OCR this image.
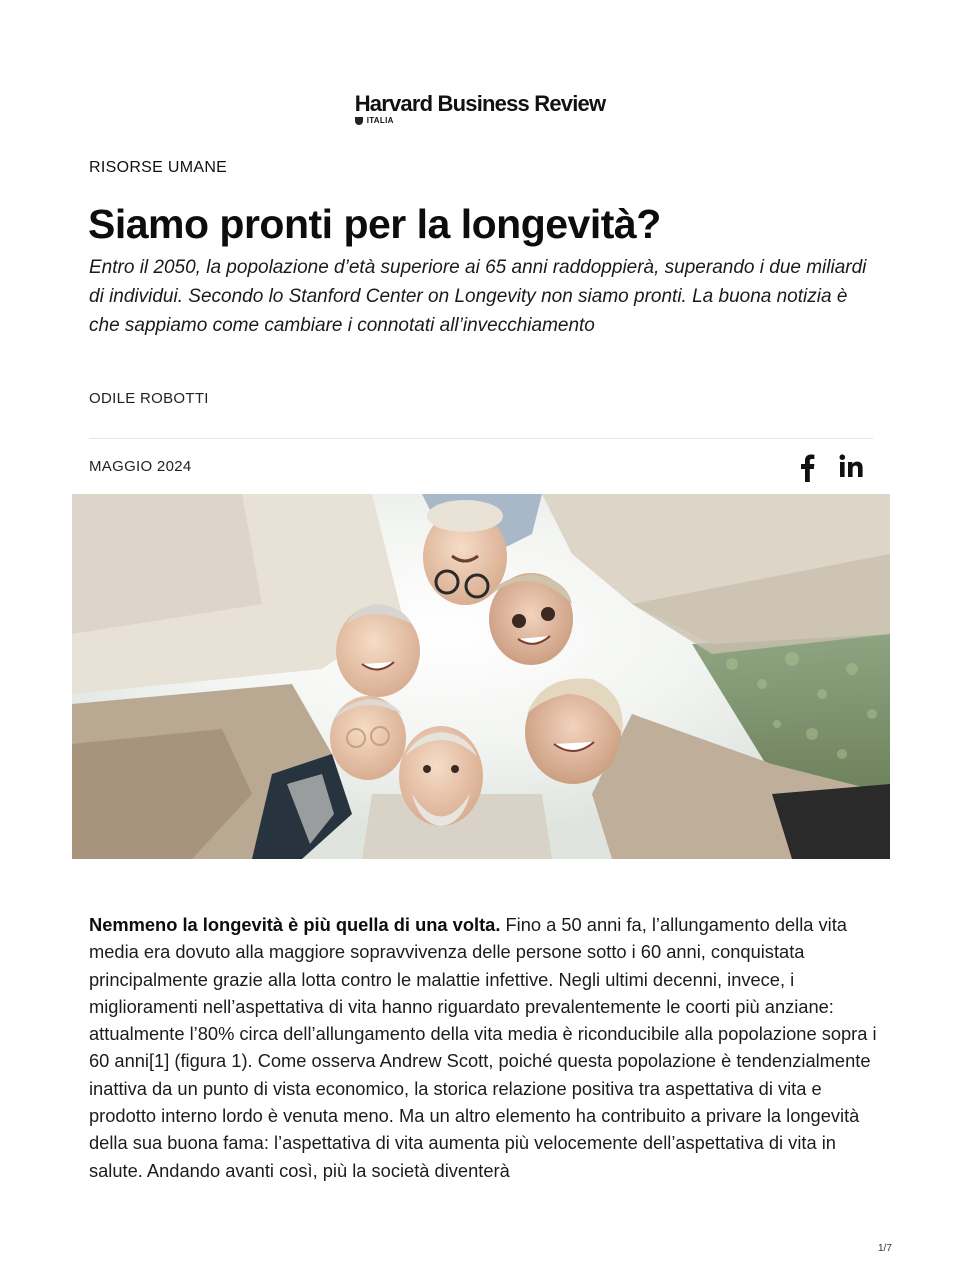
Harvard Business Review
ITALIA
RISORSE UMANE
Siamo pronti per la longevità?

Entro il 2050, la popolazione d’età superiore ai 65 anni raddoppierà, superando i due miliardi di individui. Secondo lo Stanford Center on Longevity non siamo pronti. La buona notizia è che sappiamo come cambiare i connotati all’invecchiamento

ODILE ROBOTTI
MAGGIO 2024

Nemmeno la longevità è più quella di una volta. Fino a 50 anni fa, l’allungamento della vita media era dovuto alla maggiore sopravvivenza delle persone sotto i 60 anni, conquistata principalmente grazie alla lotta contro le malattie infettive. Negli ultimi decenni, invece, i miglioramenti nell’aspettativa di vita hanno riguardato prevalentemente le coorti più anziane: attualmente l’80% circa dell’allungamento della vita media è riconducibile alla popolazione sopra i 60 anni[1] (figura 1). Come osserva Andrew Scott, poiché questa popolazione è tendenzialmente inattiva da un punto di vista economico, la storica relazione positiva tra aspettativa di vita e prodotto interno lordo è venuta meno. Ma un altro elemento ha contribuito a privare la longevità della sua buona fama: l’aspettativa di vita aumenta più velocemente dell’aspettativa di vita in salute. Andando avanti così, più la società diventerà

1/7
